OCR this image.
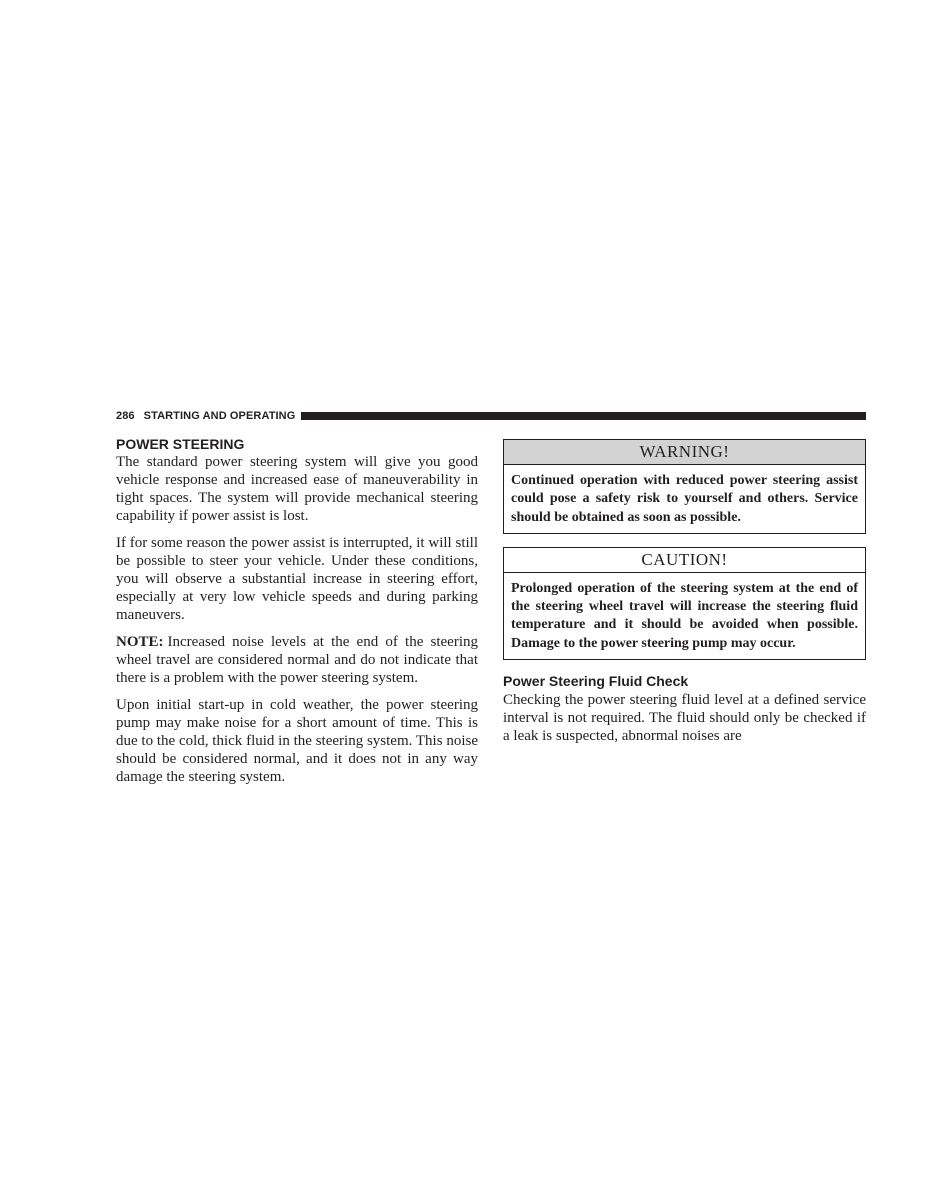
286 STARTING AND OPERATING
POWER STEERING

The standard power steering system will give you good vehicle response and increased ease of maneuverability in tight spaces. The system will provide mechanical steering capability if power assist is lost.

If for some reason the power assist is interrupted, it will still be possible to steer your vehicle. Under these conditions, you will observe a substantial increase in steering effort, especially at very low vehicle speeds and during parking maneuvers.

NOTE: Increased noise levels at the end of the steering wheel travel are considered normal and do not indicate that there is a problem with the power steering system.

Upon initial start-up in cold weather, the power steering pump may make noise for a short amount of time. This is due to the cold, thick fluid in the steering system. This noise should be considered normal, and it does not in any way damage the steering system.

WARNING!
Continued operation with reduced power steering assist could pose a safety risk to yourself and others. Service should be obtained as soon as possible.
CAUTION!
Prolonged operation of the steering system at the end of the steering wheel travel will increase the steering fluid temperature and it should be avoided when possible. Damage to the power steering pump may occur.
Power Steering Fluid Check

Checking the power steering fluid level at a defined service interval is not required. The fluid should only be checked if a leak is suspected, abnormal noises are
